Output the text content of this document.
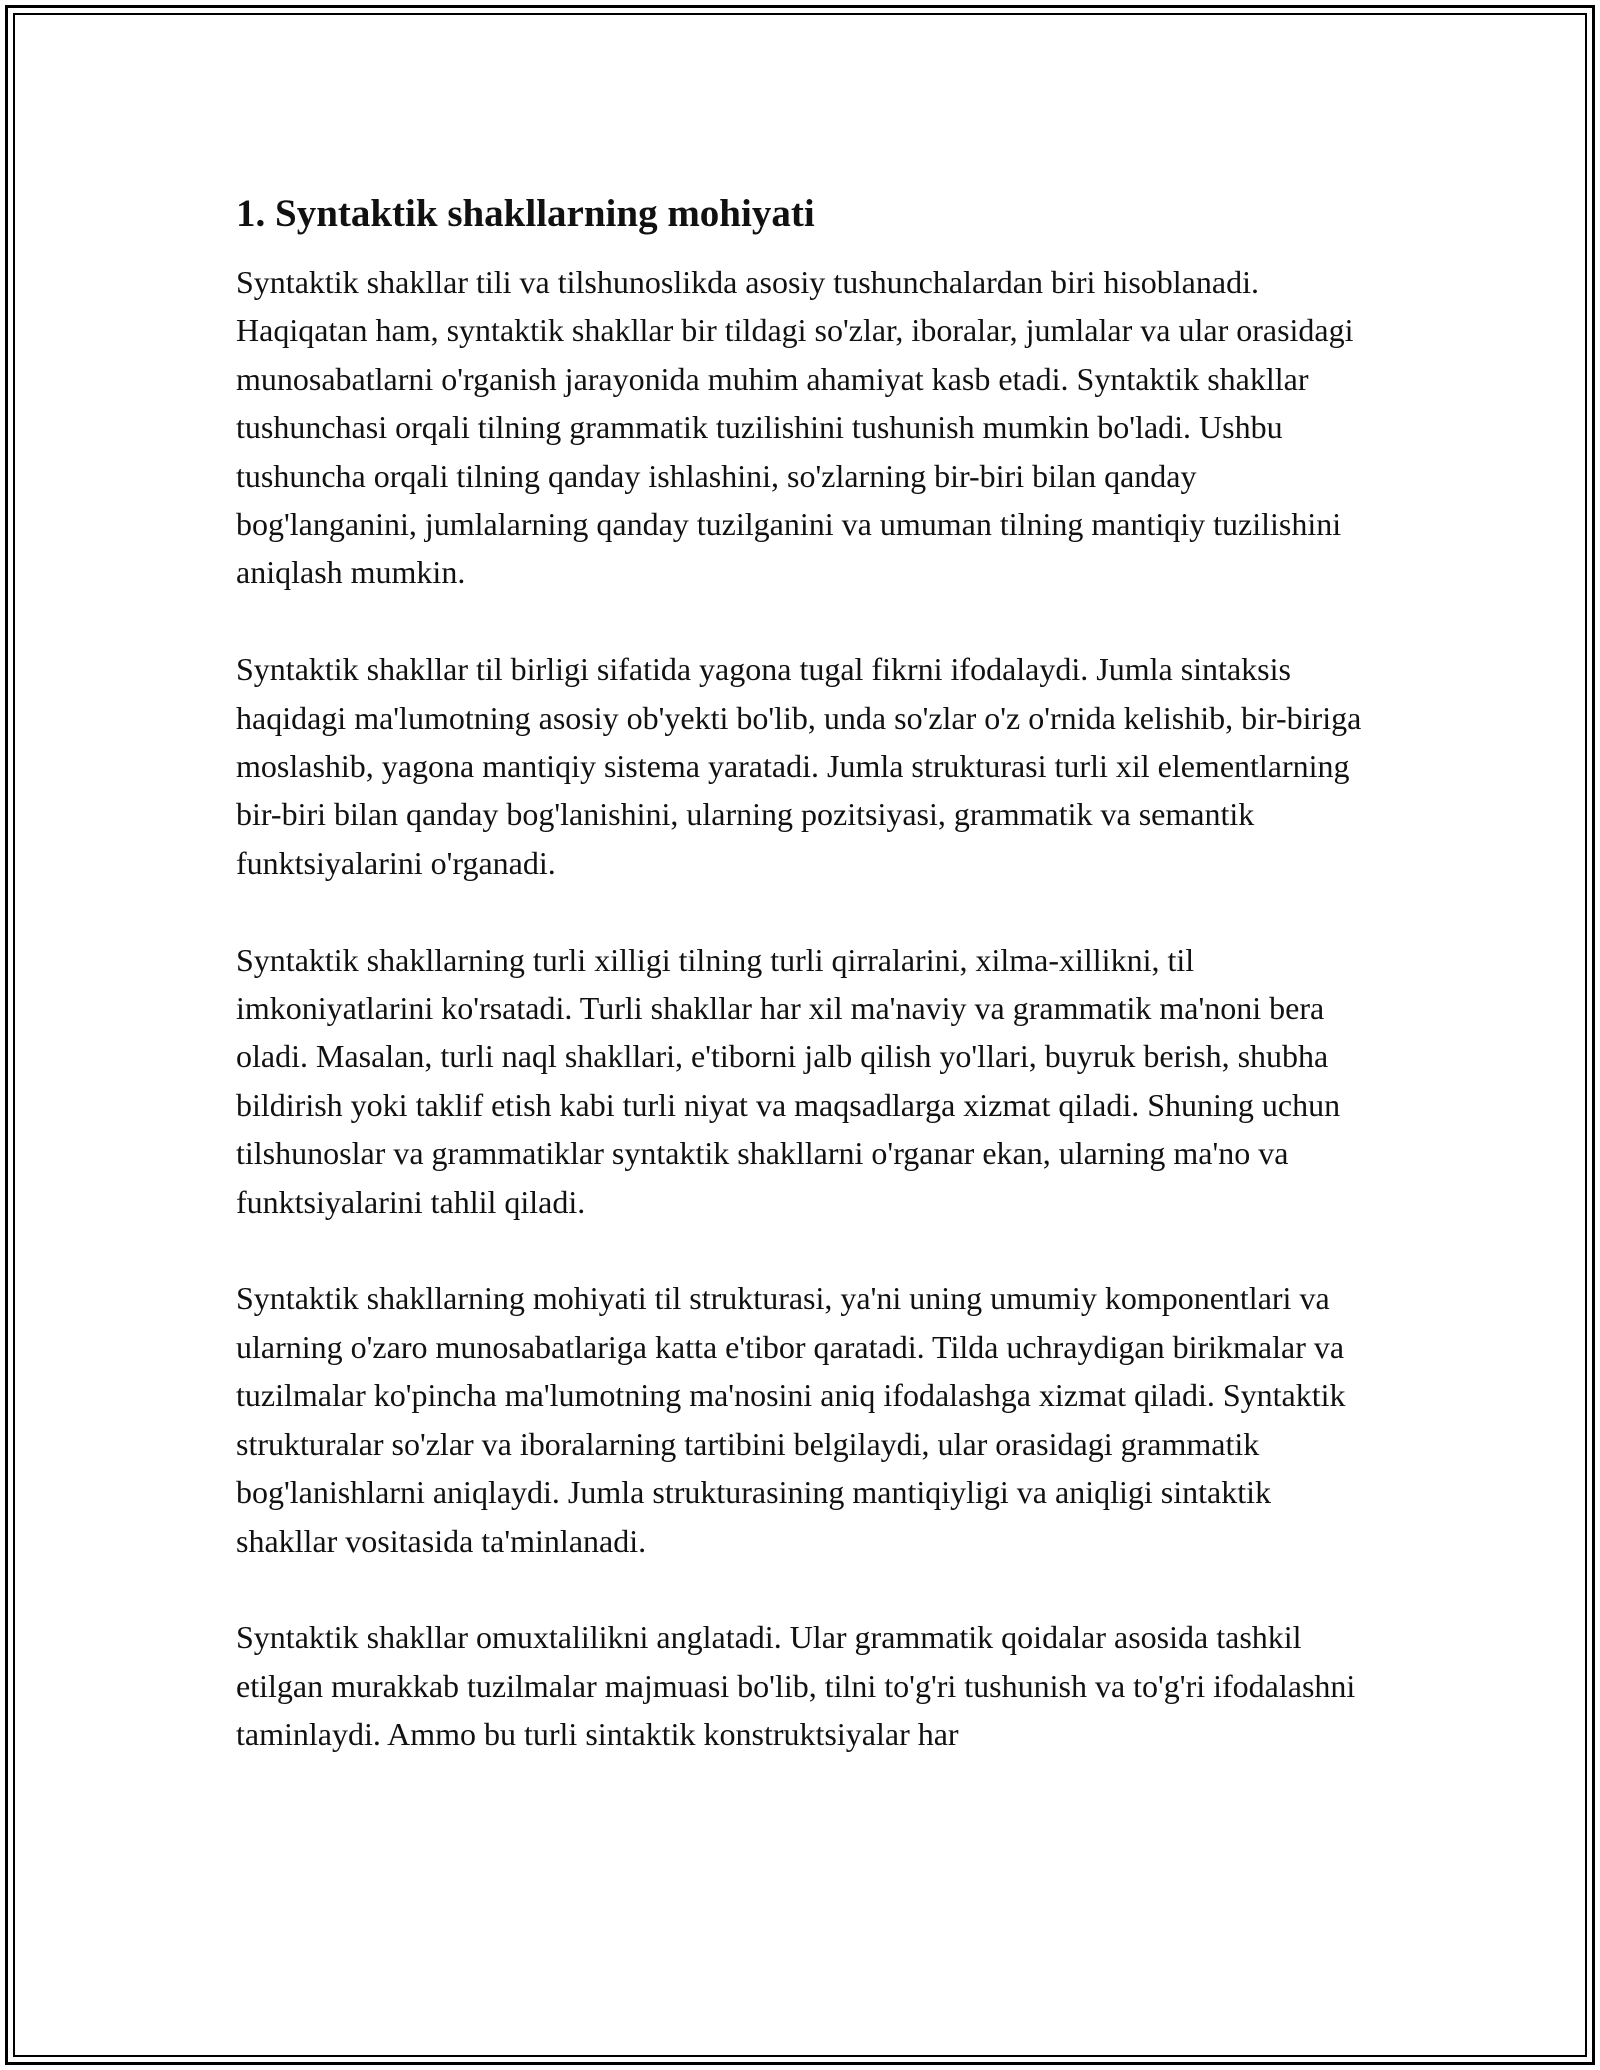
1. Syntaktik shakllarning mohiyati

Syntaktik shakllar tili va tilshunoslikda asosiy tushunchalardan biri hisoblanadi. Haqiqatan ham, syntaktik shakllar bir tildagi so'zlar, iboralar, jumlalar va ular orasidagi munosabatlarni o'rganish jarayonida muhim ahamiyat kasb etadi. Syntaktik shakllar tushunchasi orqali tilning grammatik tuzilishini tushunish mumkin bo'ladi. Ushbu tushuncha orqali tilning qanday ishlashini, so'zlarning bir-biri bilan qanday bog'langanini, jumlalarning qanday tuzilganini va umuman tilning mantiqiy tuzilishini aniqlash mumkin.

Syntaktik shakllar til birligi sifatida yagona tugal fikrni ifodalaydi. Jumla sintaksis haqidagi ma'lumotning asosiy ob'yekti bo'lib, unda so'zlar o'z o'rnida kelishib, bir-biriga moslashib, yagona mantiqiy sistema yaratadi. Jumla strukturasi turli xil elementlarning bir-biri bilan qanday bog'lanishini, ularning pozitsiyasi, grammatik va semantik funktsiyalarini o'rganadi.

Syntaktik shakllarning turli xilligi tilning turli qirralarini, xilma-xillikni, til imkoniyatlarini ko'rsatadi. Turli shakllar har xil ma'naviy va grammatik ma'noni bera oladi. Masalan, turli naql shakllari, e'tiborni jalb qilish yo'llari, buyruk berish, shubha bildirish yoki taklif etish kabi turli niyat va maqsadlarga xizmat qiladi. Shuning uchun tilshunoslar va grammatiklar syntaktik shakllarni o'rganar ekan, ularning ma'no va funktsiyalarini tahlil qiladi.

Syntaktik shakllarning mohiyati til strukturasi, ya'ni uning umumiy komponentlari va ularning o'zaro munosabatlariga katta e'tibor qaratadi. Tilda uchraydigan birikmalar va tuzilmalar ko'pincha ma'lumotning ma'nosini aniq ifodalashga xizmat qiladi. Syntaktik strukturalar so'zlar va iboralarning tartibini belgilaydi, ular orasidagi grammatik bog'lanishlarni aniqlaydi. Jumla strukturasining mantiqiyligi va aniqligi sintaktik shakllar vositasida ta'minlanadi.

Syntaktik shakllar omuxtalilikni anglatadi. Ular grammatik qoidalar asosida tashkil etilgan murakkab tuzilmalar majmuasi bo'lib, tilni to'g'ri tushunish va to'g'ri ifodalashni taminlaydi. Ammo bu turli sintaktik konstruktsiyalar har
